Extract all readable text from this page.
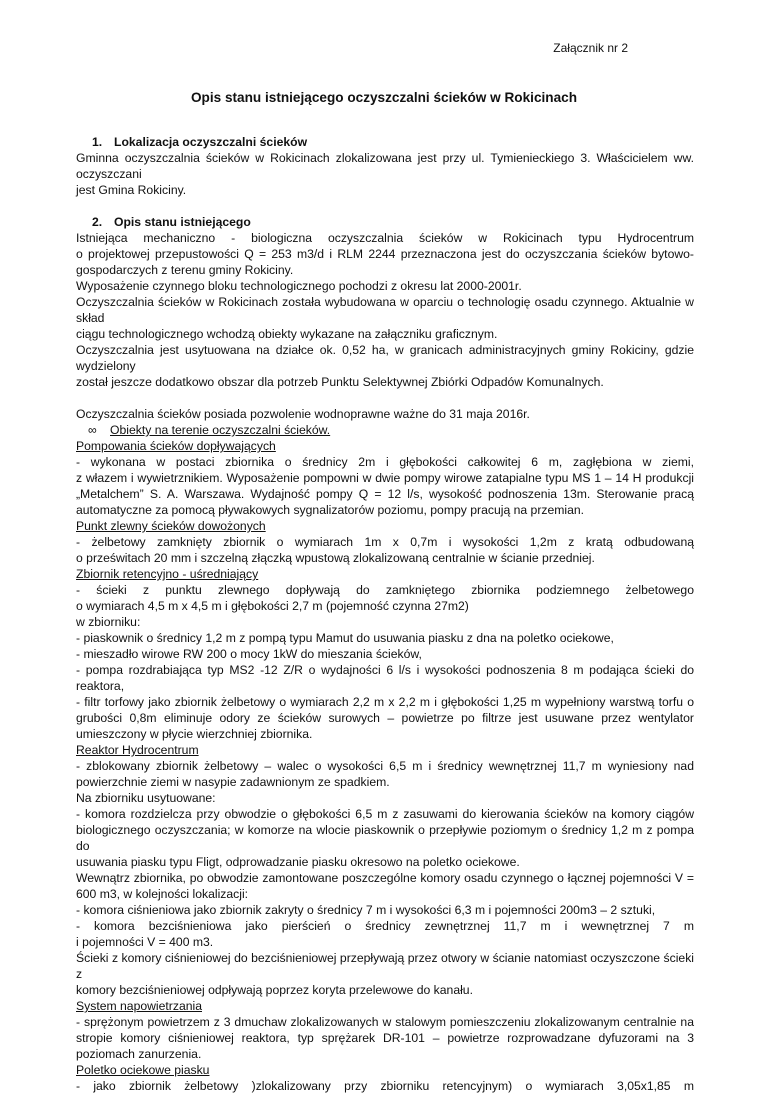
Załącznik nr 2
Opis stanu istniejącego oczyszczalni ścieków w Rokicinach

1. Lokalizacja oczyszczalni ścieków

Gminna oczyszczalnia ścieków w Rokicinach zlokalizowana jest przy ul. Tymienieckiego 3. Właścicielem ww. oczyszczani

jest Gmina Rokiciny.

2. Opis stanu istniejącego

Istniejąca mechaniczno - biologiczna oczyszczalnia ścieków w Rokicinach typu Hydrocentrum

o projektowej przepustowości Q = 253 m3/d i RLM 2244 przeznaczona jest do oczyszczania ścieków bytowo-

gospodarczych z terenu gminy Rokiciny.

Wyposażenie czynnego bloku technologicznego pochodzi z okresu lat 2000-2001r.

Oczyszczalnia ścieków w Rokicinach została wybudowana w oparciu o technologię osadu czynnego. Aktualnie w skład

ciągu technologicznego wchodzą obiekty wykazane na załączniku graficznym.

Oczyszczalnia jest usytuowana na działce ok. 0,52 ha, w granicach administracyjnych gminy Rokiciny, gdzie wydzielony

został jeszcze dodatkowo obszar dla potrzeb Punktu Selektywnej Zbiórki Odpadów Komunalnych.

Oczyszczalnia ścieków posiada pozwolenie wodnoprawne ważne do 31 maja 2016r.

∞ Obiekty na terenie oczyszczalni ścieków.

Pompowania ścieków dopływających

- wykonana w postaci zbiornika o średnicy 2m i głębokości całkowitej 6 m, zagłębiona w ziemi,

z włazem i wywietrznikiem. Wyposażenie pompowni w dwie pompy wirowe zatapialne typu MS 1 – 14 H produkcji

„Metalchem” S. A. Warszawa. Wydajność pompy Q = 12 l/s, wysokość podnoszenia 13m. Sterowanie pracą

automatyczne za pomocą pływakowych sygnalizatorów poziomu, pompy pracują na przemian.

Punkt zlewny ścieków dowożonych

- żelbetowy zamknięty zbiornik o wymiarach 1m x 0,7m i wysokości 1,2m z kratą odbudowaną

o prześwitach 20 mm i szczelną złączką wpustową zlokalizowaną centralnie w ścianie przedniej.

Zbiornik retencyjno - uśredniający

- ścieki z punktu zlewnego dopływają do zamkniętego zbiornika podziemnego żelbetowego

o wymiarach 4,5 m x 4,5 m i głębokości 2,7 m (pojemność czynna 27m2)

w zbiorniku:

- piaskownik o średnicy 1,2 m z pompą typu Mamut do usuwania piasku z dna na poletko ociekowe,

- mieszadło wirowe RW 200 o mocy 1kW do mieszania ścieków,

- pompa rozdrabiająca typ MS2 -12 Z/R o wydajności 6 l/s i wysokości podnoszenia 8 m podająca ścieki do

reaktora,

- filtr torfowy jako zbiornik żelbetowy o wymiarach 2,2 m x 2,2 m i głębokości 1,25 m wypełniony warstwą torfu o

grubości 0,8m eliminuje odory ze ścieków surowych – powietrze po filtrze jest usuwane przez wentylator

umieszczony w płycie wierzchniej zbiornika.

Reaktor Hydrocentrum

- zblokowany zbiornik żelbetowy – walec o wysokości 6,5 m i średnicy wewnętrznej 11,7 m wyniesiony nad

powierzchnie ziemi w nasypie zadawnionym ze spadkiem.

Na zbiorniku usytuowane:

- komora rozdzielcza przy obwodzie o głębokości 6,5 m z zasuwami do kierowania ścieków na komory ciągów

biologicznego oczyszczania; w komorze na wlocie piaskownik o przepływie poziomym o średnicy 1,2 m z pompa do

usuwania piasku typu Fligt, odprowadzanie piasku okresowo na poletko ociekowe.

Wewnątrz zbiornika, po obwodzie zamontowane poszczególne komory osadu czynnego o łącznej pojemności V =

600 m3, w kolejności lokalizacji:

- komora ciśnieniowa jako zbiornik zakryty o średnicy 7 m i wysokości 6,3 m i pojemności 200m3 – 2 sztuki,

- komora bezciśnieniowa jako pierścień o średnicy zewnętrznej 11,7 m i wewnętrznej 7 m

i pojemności V = 400 m3.

Ścieki z komory ciśnieniowej do bezciśnieniowej przepływają przez otwory w ścianie natomiast oczyszczone ścieki z

komory bezciśnieniowej odpływają poprzez koryta przelewowe do kanału.

System napowietrzania

- sprężonym powietrzem z 3 dmuchaw zlokalizowanych w stalowym pomieszczeniu zlokalizowanym centralnie na

stropie komory ciśnieniowej reaktora, typ sprężarek DR-101 – powietrze rozprowadzane dyfuzorami na 3

poziomach zanurzenia.

Poletko ociekowe piasku

- jako zbiornik żelbetowy )zlokalizowany przy zbiorniku retencyjnym) o wymiarach 3,05x1,85 m
